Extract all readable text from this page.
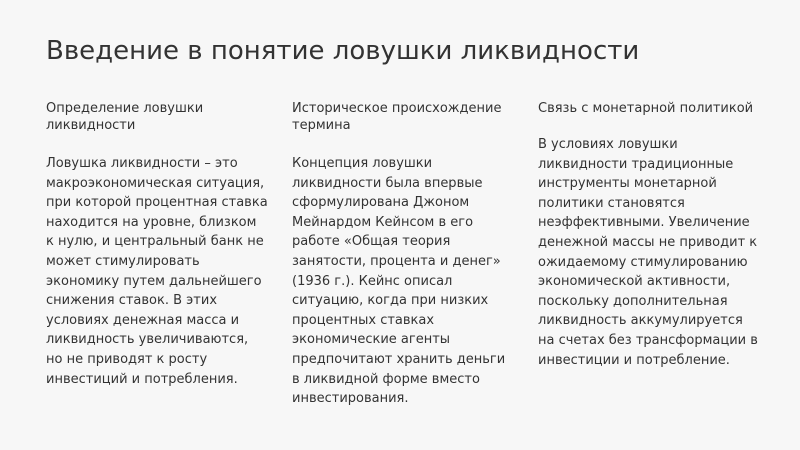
Введение в понятие ловушки ликвидности
Определение ловушки ликвидности

Ловушка ликвидности – это макроэкономическая ситуация, при которой процентная ставка находится на уровне, близком к нулю, и центральный банк не может стимулировать экономику путем дальнейшего снижения ставок. В этих условиях денежная масса и ликвидность увеличиваются, но не приводят к росту инвестиций и потребления.

Историческое происхождение термина

Концепция ловушки ликвидности была впервые сформулирована Джоном Мейнардом Кейнсом в его работе «Общая теория занятости, процента и денег» (1936 г.). Кейнс описал ситуацию, когда при низких процентных ставках экономические агенты предпочитают хранить деньги в ликвидной форме вместо инвестирования.

Связь с монетарной политикой

В условиях ловушки ликвидности традиционные инструменты монетарной политики становятся неэффективными. Увеличение денежной массы не приводит к ожидаемому стимулированию экономической активности, поскольку дополнительная ликвидность аккумулируется на счетах без трансформации в инвестиции и потребление.
